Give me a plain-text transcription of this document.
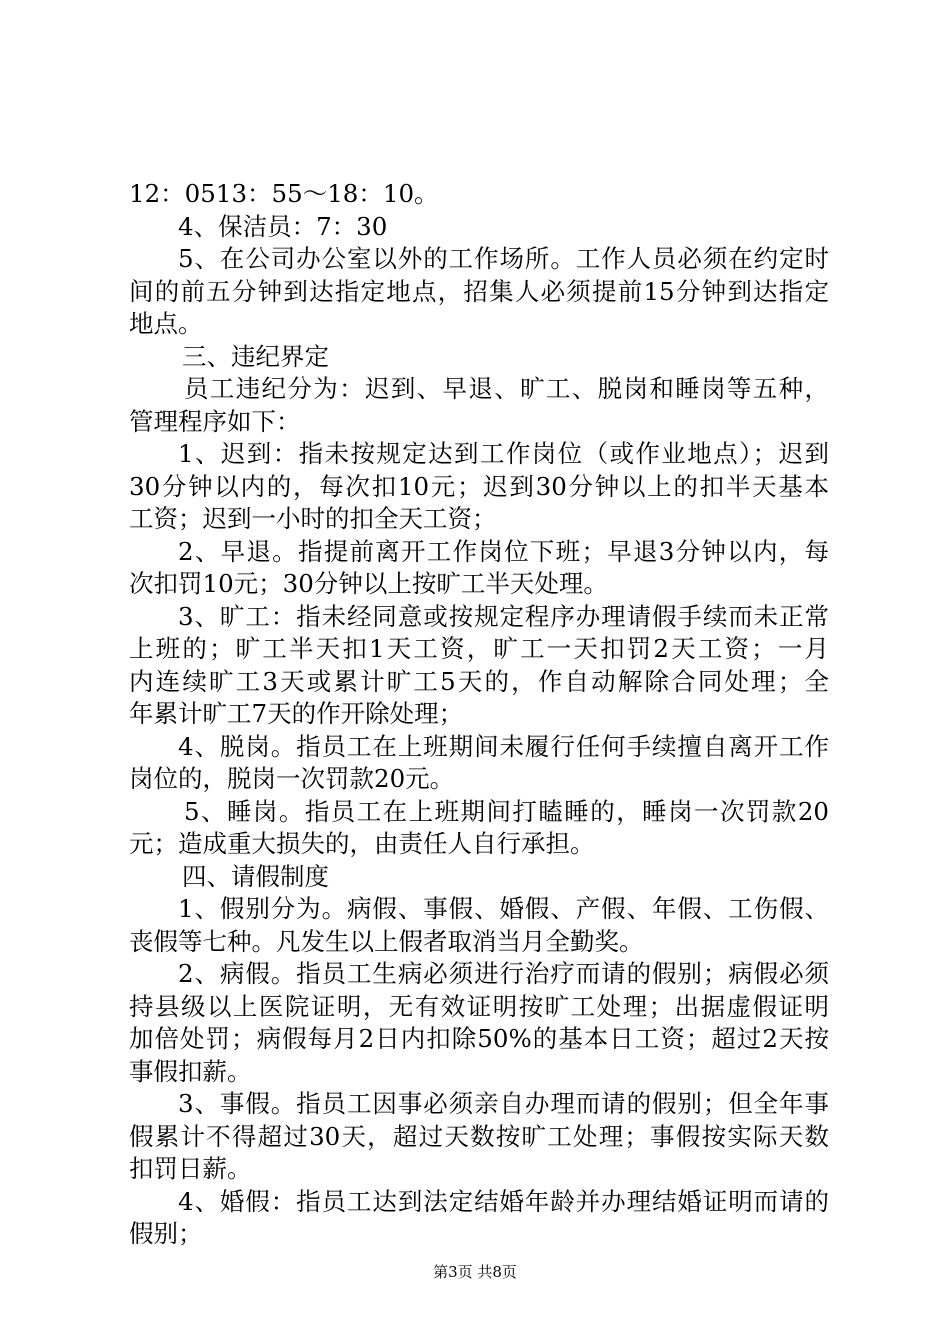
12：0513：55～18：10。
4、保洁员：7：30
5、在公司办公室以外的工作场所。工作人员必须在约定时
间的前五分钟到达指定地点，招集人必须提前15分钟到达指定
地点。
三、违纪界定
员工违纪分为：迟到、早退、旷工、脱岗和睡岗等五种，
管理程序如下：
1、迟到：指未按规定达到工作岗位（或作业地点）；迟到
30分钟以内的，每次扣10元；迟到30分钟以上的扣半天基本
工资；迟到一小时的扣全天工资；
2、早退。指提前离开工作岗位下班；早退3分钟以内，每
次扣罚10元；30分钟以上按旷工半天处理。
3、旷工：指未经同意或按规定程序办理请假手续而未正常
上班的；旷工半天扣1天工资，旷工一天扣罚2天工资；一月
内连续旷工3天或累计旷工5天的，作自动解除合同处理；全
年累计旷工7天的作开除处理；
4、脱岗。指员工在上班期间未履行任何手续擅自离开工作
岗位的，脱岗一次罚款20元。
5、睡岗。指员工在上班期间打瞌睡的，睡岗一次罚款20
元；造成重大损失的，由责任人自行承担。
四、请假制度
1、假别分为。病假、事假、婚假、产假、年假、工伤假、
丧假等七种。凡发生以上假者取消当月全勤奖。
2、病假。指员工生病必须进行治疗而请的假别；病假必须
持县级以上医院证明，无有效证明按旷工处理；出据虚假证明
加倍处罚；病假每月2日内扣除50%的基本日工资；超过2天按
事假扣薪。
3、事假。指员工因事必须亲自办理而请的假别；但全年事
假累计不得超过30天，超过天数按旷工处理；事假按实际天数
扣罚日薪。
4、婚假：指员工达到法定结婚年龄并办理结婚证明而请的
假别；
第3页 共8页
